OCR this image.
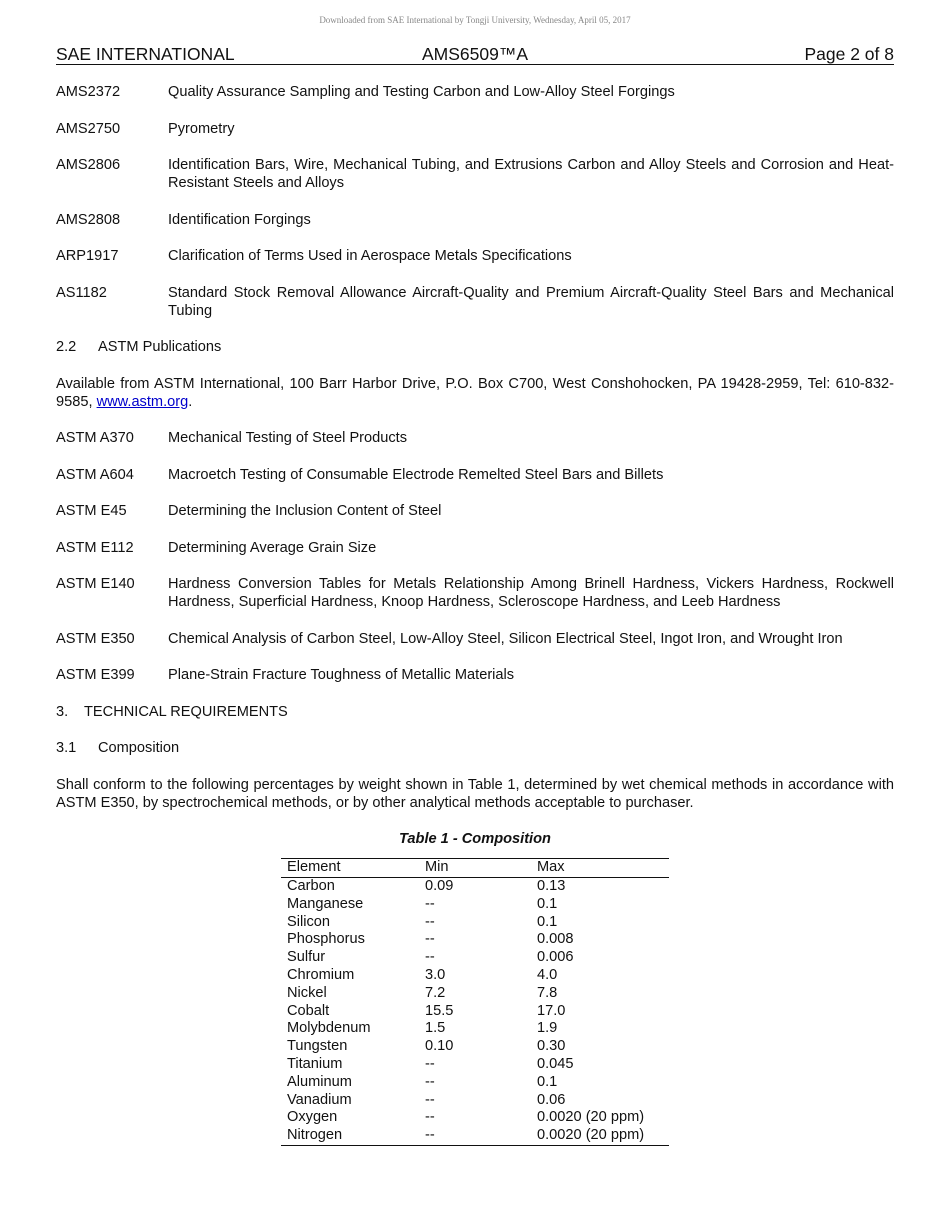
Downloaded from SAE International by Tongji University, Wednesday, April 05, 2017
AMS6509™A
SAE INTERNATIONAL	Page 2 of 8
AMS2372	Quality Assurance Sampling and Testing Carbon and Low-Alloy Steel Forgings
AMS2750	Pyrometry
AMS2806	Identification Bars, Wire, Mechanical Tubing, and Extrusions Carbon and Alloy Steels and Corrosion and Heat-Resistant Steels and Alloys
AMS2808	Identification Forgings
ARP1917	Clarification of Terms Used in Aerospace Metals Specifications
AS1182	Standard Stock Removal Allowance Aircraft-Quality and Premium Aircraft-Quality Steel Bars and Mechanical Tubing
2.2 ASTM Publications
Available from ASTM International, 100 Barr Harbor Drive, P.O. Box C700, West Conshohocken, PA 19428-2959, Tel: 610-832-9585, www.astm.org.
ASTM A370	Mechanical Testing of Steel Products
ASTM A604	Macroetch Testing of Consumable Electrode Remelted Steel Bars and Billets
ASTM E45	Determining the Inclusion Content of Steel
ASTM E112	Determining Average Grain Size
ASTM E140	Hardness Conversion Tables for Metals Relationship Among Brinell Hardness, Vickers Hardness, Rockwell Hardness, Superficial Hardness, Knoop Hardness, Scleroscope Hardness, and Leeb Hardness
ASTM E350	Chemical Analysis of Carbon Steel, Low-Alloy Steel, Silicon Electrical Steel, Ingot Iron, and Wrought Iron
ASTM E399	Plane-Strain Fracture Toughness of Metallic Materials
3. TECHNICAL REQUIREMENTS
3.1 Composition
Shall conform to the following percentages by weight shown in Table 1, determined by wet chemical methods in accordance with ASTM E350, by spectrochemical methods, or by other analytical methods acceptable to purchaser.
Table 1 - Composition
Element	Min	Max
Carbon	0.09	0.13
Manganese	--	0.1
Silicon	--	0.1
Phosphorus	--	0.008
Sulfur	--	0.006
Chromium	3.0	4.0
Nickel	7.2	7.8
Cobalt	15.5	17.0
Molybdenum	1.5	1.9
Tungsten	0.10	0.30
Titanium	--	0.045
Aluminum	--	0.1
Vanadium	--	0.06
Oxygen	--	0.0020 (20 ppm)
Nitrogen	--	0.0020 (20 ppm)
